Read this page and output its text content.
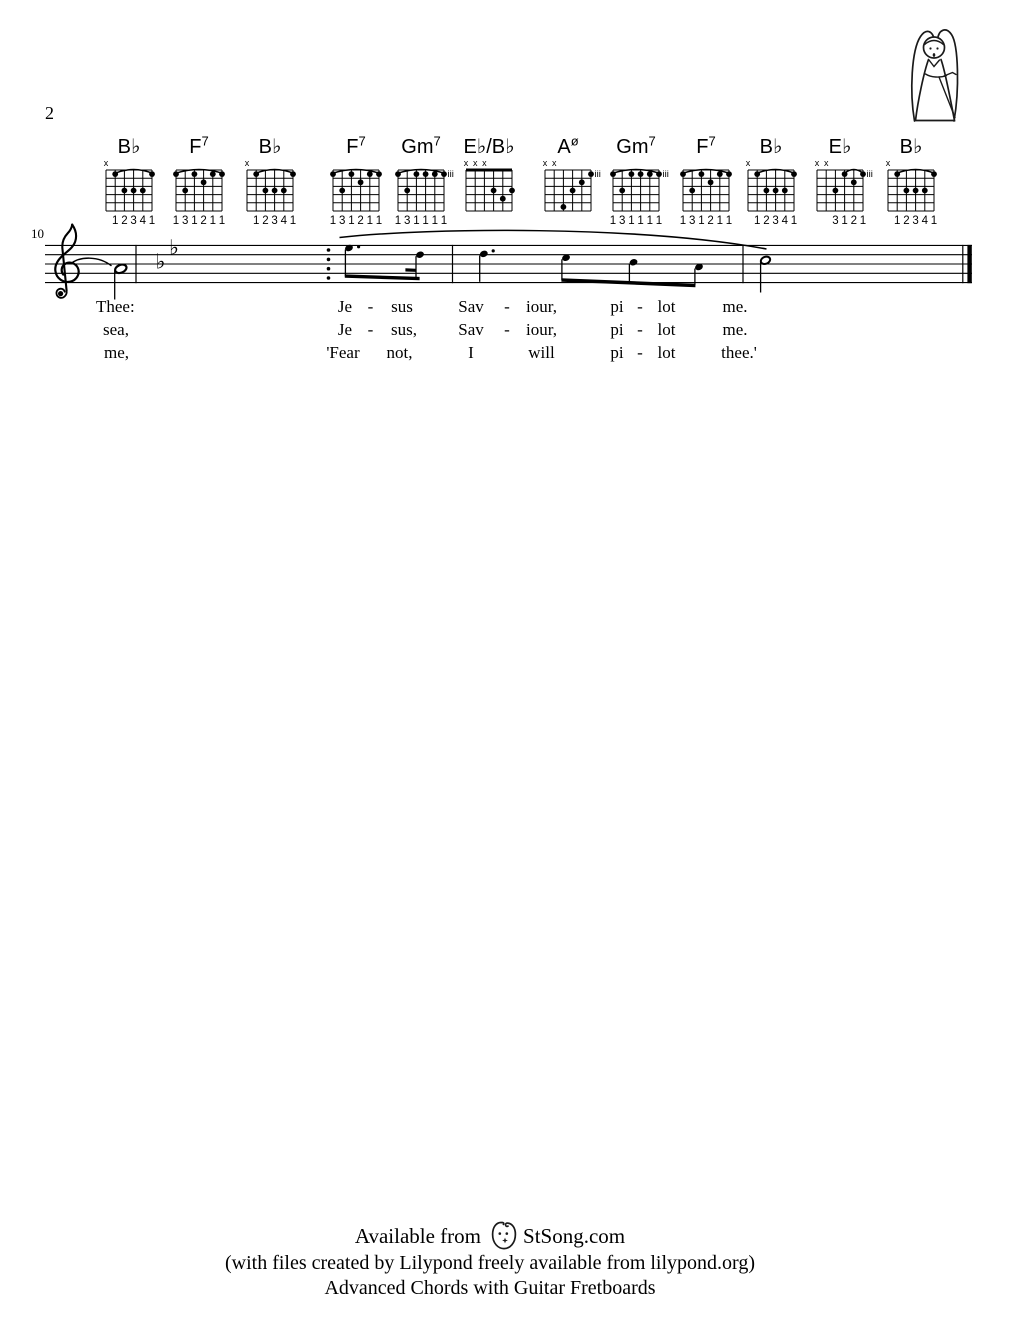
2
10
B♭
x
1 2 3 4 1
$F^7$
1 3 1 2 1 1
B♭
x
1 2 3 4 1
$F^7$
1 3 1 2 1 1
Gm$^7$
iii
1 3 1 1 1 1
E♭/B♭
x x x
$A^ø$
x x
iii
Gm$^7$
iii
1 3 1 1 1 1
$F^7$
1 3 1 2 1 1
B♭
x
1 2 3 4 1
E♭
x x
iii
3 1 2 1
B♭
x
1 2 3 4 1
♭
♭
Thee:	Je - sus	Sav - iour,	pi - lot	me.
sea,	Je - sus, Sav - iour,	pi - lot	me.
me,	'Fear not,	I	will	pi - lot	thee.'
Available from StSong.com
(with files created by Lilypond freely available from lilypond.org)
Advanced Chords with Guitar Fretboards
